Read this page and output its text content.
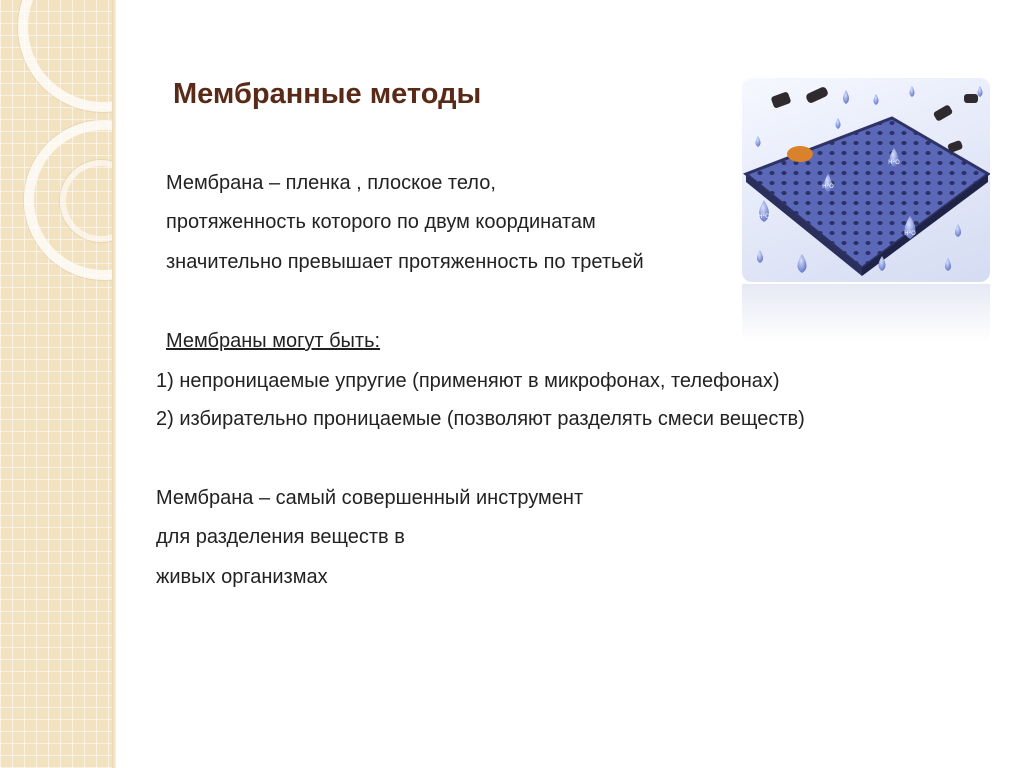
Мембранные методы
Мембрана – пленка , плоское тело,
протяженность которого по двум координатам
значительно превышает протяженность по третьей
Мембраны могут быть:
1) непроницаемые упругие (применяют в микрофонах, телефонах)
2) избирательно проницаемые (позволяют разделять смеси веществ)
Мембрана – самый совершенный инструмент
для разделения веществ в
живых организмах
H²O
H²O
H²O
H²O
